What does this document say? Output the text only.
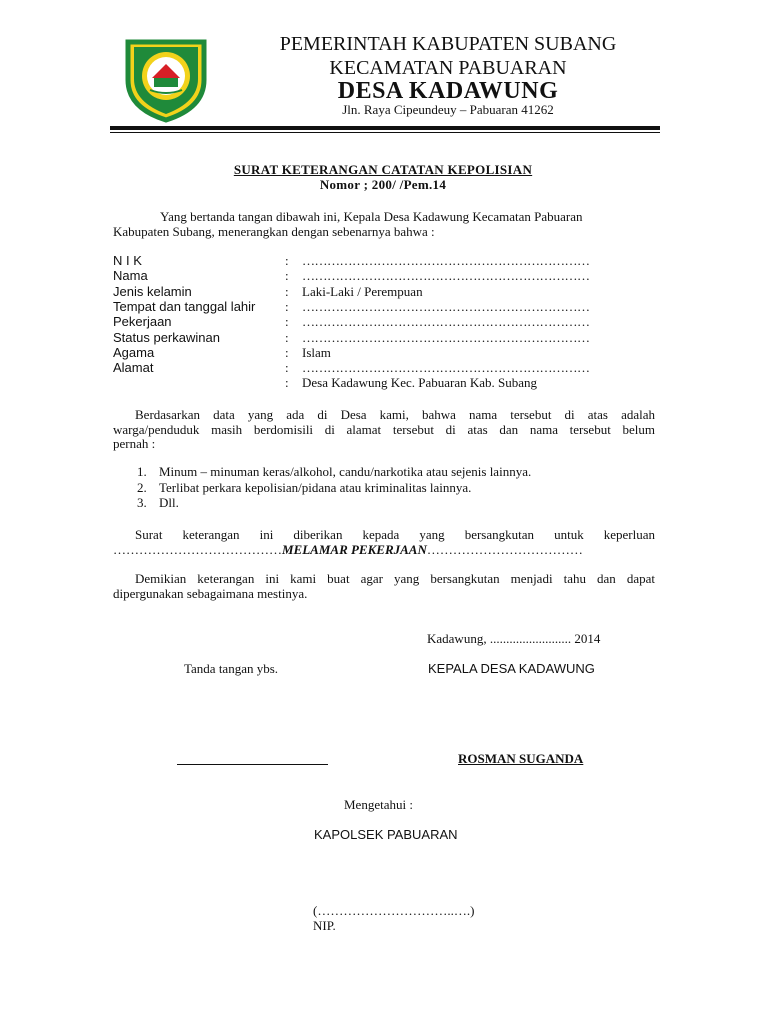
PEMERINTAH KABUPATEN SUBANG
KECAMATAN PABUARAN
DESA KADAWUNG
Jln. Raya Cipeundeuy – Pabuaran 41262
SURAT KETERANGAN CATATAN KEPOLISIAN
Nomor ; 200/ /Pem.14
Yang bertanda tangan dibawah ini, Kepala Desa Kadawung Kecamatan Pabuaran
Kabupaten Subang, menerangkan dengan sebenarnya bahwa :
N I K	: ……………………………………………………………
Nama	: ……………………………………………………………
Jenis kelamin	: Laki-Laki / Perempuan
Tempat dan tanggal lahir	: ……………………………………………………………
Pekerjaan	: ……………………………………………………………
Status perkawinan	: ……………………………………………………………
Agama	: Islam
Alamat	: ……………………………………………………………
: Desa Kadawung Kec. Pabuaran Kab. Subang
Berdasarkan data yang ada di Desa kami, bahwa nama tersebut di atas adalah
warga/penduduk masih berdomisili di alamat tersebut di atas dan nama tersebut belum
pernah :
1. Minum – minuman keras/alkohol, candu/narkotika atau sejenis lainnya.
2. Terlibat perkara kepolisian/pidana atau kriminalitas lainnya.
3. Dll.
Surat keterangan ini diberikan kepada yang bersangkutan untuk keperluan
…………………………………MELAMAR PEKERJAAN………………………………
Demikian keterangan ini kami buat agar yang bersangkutan menjadi tahu dan dapat
dipergunakan sebagaimana mestinya.
Kadawung, ......................... 2014
Tanda tangan ybs.	KEPALA DESA KADAWUNG
ROSMAN SUGANDA
Mengetahui :
KAPOLSEK PABUARAN
(…………………………..….)
NIP.
